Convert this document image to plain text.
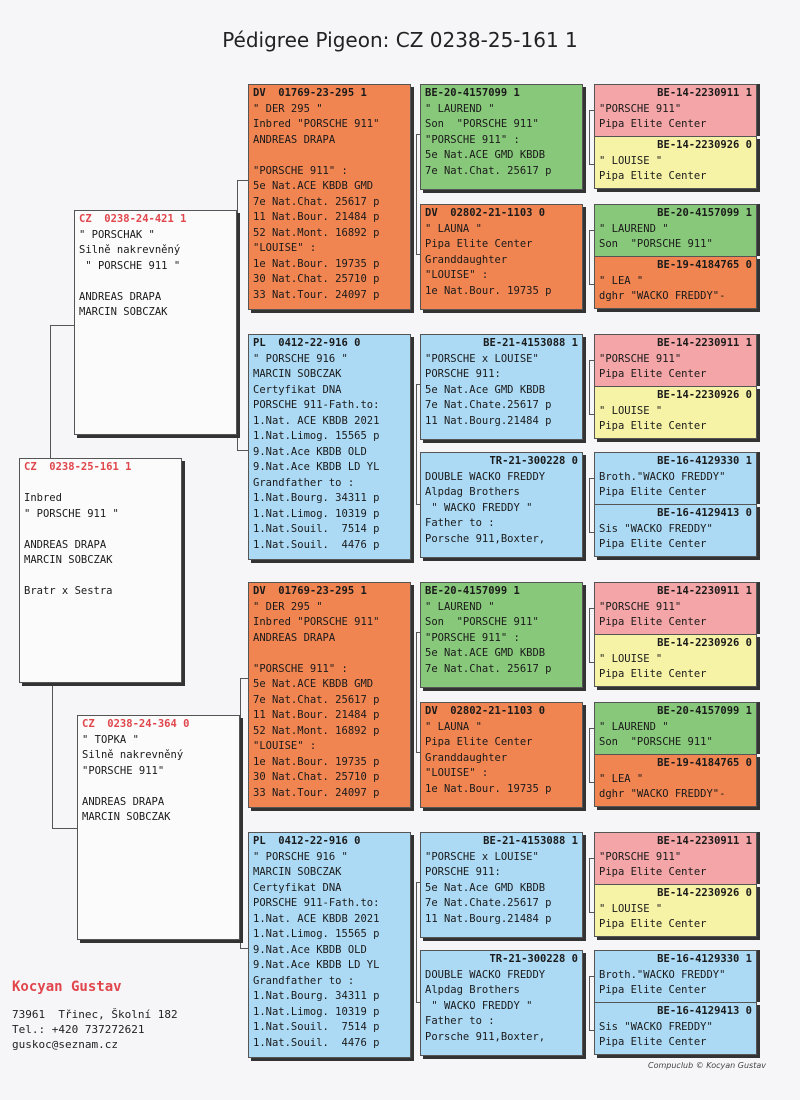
Pédigree Pigeon: CZ 0238-25-161 1
CZ  0238-25-161 1

Inbred
" PORSCHE 911 "

ANDREAS DRAPA
MARCIN SOBCZAK

Bratr x Sestra
CZ  0238-24-421 1
" PORSCHAK "
Silně nakrevněný
" PORSCHE 911 "

ANDREAS DRAPA
MARCIN SOBCZAK
CZ  0238-24-364 0
" TOPKA "
Silně nakrevněný
"PORSCHE 911"

ANDREAS DRAPA
MARCIN SOBCZAK
DV  01769-23-295 1
" DER 295 "
Inbred "PORSCHE 911"
ANDREAS DRAPA

"PORSCHE 911" :
5e Nat.ACE KBDB GMD
7e Nat.Chat. 25617 p
11 Nat.Bour. 21484 p
52 Nat.Mont. 16892 p
"LOUISE" :
1e Nat.Bour. 19735 p
30 Nat.Chat. 25710 p
33 Nat.Tour. 24097 p
PL  0412-22-916 0
" PORSCHE 916 "
MARCIN SOBCZAK
Certyfikat DNA
PORSCHE 911-Fath.to:
1.Nat. ACE KBDB 2021
1.Nat.Limog. 15565 p
9.Nat.Ace KBDB OLD
9.Nat.Ace KBDB LD YL
Grandfather to :
1.Nat.Bourg. 34311 p
1.Nat.Limog. 10319 p
1.Nat.Souil.  7514 p
1.Nat.Souil.  4476 p
BE-20-4157099 1
" LAUREND "
Son  "PORSCHE 911"
"PORSCHE 911" :
5e Nat.ACE GMD KBDB
7e Nat.Chat. 25617 p
DV  02802-21-1103 0
" LAUNA "
Pipa Elite Center
Granddaughter
"LOUISE" :
1e Nat.Bour. 19735 p
BE-21-4153088 1
"PORSCHE x LOUISE"
PORSCHE 911:
5e Nat.Ace GMD KBDB
7e Nat.Chate.25617 p
11 Nat.Bourg.21484 p
TR-21-300228 0
DOUBLE WACKO FREDDY
Alpdag Brothers
" WACKO FREDDY "
Father to :
Porsche 911,Boxter,
BE-14-2230911 1
"PORSCHE 911"
Pipa Elite Center
BE-14-2230926 0
" LOUISE "
Pipa Elite Center
BE-20-4157099 1
" LAUREND "
Son  "PORSCHE 911"
BE-19-4184765 0
" LEA "
dghr "WACKO FREDDY"-
BE-14-2230911 1
"PORSCHE 911"
Pipa Elite Center
BE-14-2230926 0
" LOUISE "
Pipa Elite Center
BE-16-4129330 1
Broth."WACKO FREDDY"
Pipa Elite Center
BE-16-4129413 0
Sis "WACKO FREDDY"
Pipa Elite Center
DV  01769-23-295 1
" DER 295 "
Inbred "PORSCHE 911"
ANDREAS DRAPA

"PORSCHE 911" :
5e Nat.ACE KBDB GMD
7e Nat.Chat. 25617 p
11 Nat.Bour. 21484 p
52 Nat.Mont. 16892 p
"LOUISE" :
1e Nat.Bour. 19735 p
30 Nat.Chat. 25710 p
33 Nat.Tour. 24097 p
PL  0412-22-916 0
" PORSCHE 916 "
MARCIN SOBCZAK
Certyfikat DNA
PORSCHE 911-Fath.to:
1.Nat. ACE KBDB 2021
1.Nat.Limog. 15565 p
9.Nat.Ace KBDB OLD
9.Nat.Ace KBDB LD YL
Grandfather to :
1.Nat.Bourg. 34311 p
1.Nat.Limog. 10319 p
1.Nat.Souil.  7514 p
1.Nat.Souil.  4476 p
BE-20-4157099 1
" LAUREND "
Son  "PORSCHE 911"
"PORSCHE 911" :
5e Nat.ACE GMD KBDB
7e Nat.Chat. 25617 p
DV  02802-21-1103 0
" LAUNA "
Pipa Elite Center
Granddaughter
"LOUISE" :
1e Nat.Bour. 19735 p
BE-21-4153088 1
"PORSCHE x LOUISE"
PORSCHE 911:
5e Nat.Ace GMD KBDB
7e Nat.Chate.25617 p
11 Nat.Bourg.21484 p
TR-21-300228 0
DOUBLE WACKO FREDDY
Alpdag Brothers
" WACKO FREDDY "
Father to :
Porsche 911,Boxter,
BE-14-2230911 1
"PORSCHE 911"
Pipa Elite Center
BE-14-2230926 0
" LOUISE "
Pipa Elite Center
BE-20-4157099 1
" LAUREND "
Son  "PORSCHE 911"
BE-19-4184765 0
" LEA "
dghr "WACKO FREDDY"-
BE-14-2230911 1
"PORSCHE 911"
Pipa Elite Center
BE-14-2230926 0
" LOUISE "
Pipa Elite Center
BE-16-4129330 1
Broth."WACKO FREDDY"
Pipa Elite Center
BE-16-4129413 0
Sis "WACKO FREDDY"
Pipa Elite Center
Kocyan Gustav
73961  Třinec, Školní 182
Tel.: +420 737272621
guskoc@seznam.cz
Compuclub © Kocyan Gustav
